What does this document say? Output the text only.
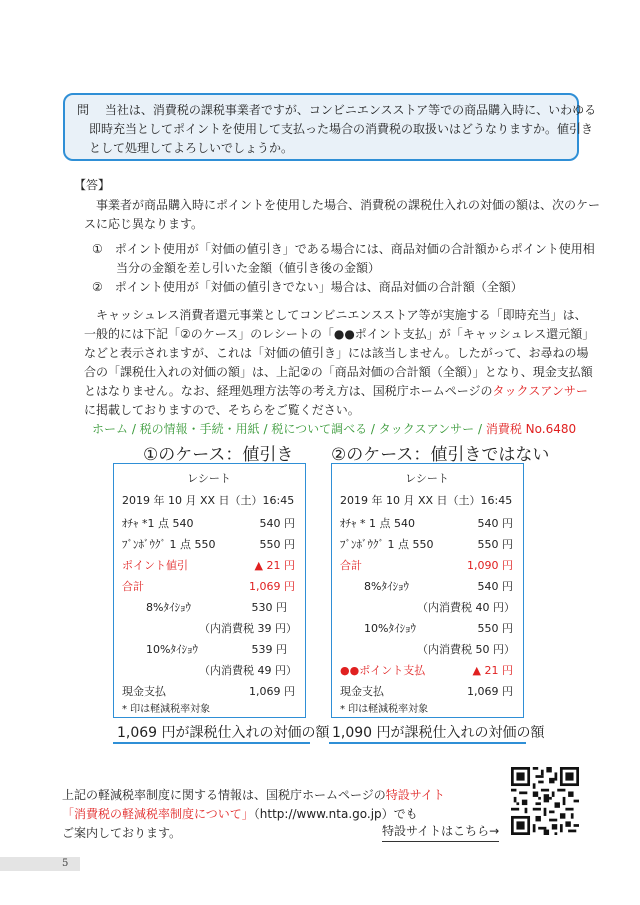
問　 当社は、消費税の課税事業者ですが、コンビニエンスストア等での商品購入時に、いわゆる
即時充当としてポイントを使用して支払った場合の消費税の取扱いはどうなりますか。値引き
として処理してよろしいでしょうか。
【答】
事業者が商品購入時にポイントを使用した場合、消費税の課税仕入れの対価の額は、次のケー
スに応じ異なります。
①　ポイント使用が「対価の値引き」である場合には、商品対価の合計額からポイント使用相
当分の金額を差し引いた金額（値引き後の金額）
②　ポイント使用が「対価の値引きでない」場合は、商品対価の合計額（全額）
キャッシュレス消費者還元事業としてコンビニエンスストア等が実施する「即時充当」は、
一般的には下記「②のケース」のレシートの「●●ポイント支払」が「キャッシュレス還元額」
などと表示されますが、これは「対価の値引き」には該当しません。したがって、お尋ねの場
合の「課税仕入れの対価の額」は、上記②の「商品対価の合計額（全額）」となり、現金支払額
とはなりません。なお、経理処理方法等の考え方は、国税庁ホームページのタックスアンサー
に掲載しておりますので、そちらをご覧ください。
ホーム / 税の情報・手続・用紙 / 税について調べる / タックスアンサー / 消費税 No.6480
①のケース：値引き ②のケース：値引きではない
レシート
2019 年 10 月 XX 日（土）16:45
ｵﾁｬ *1 点 540	540 円
ﾌﾞﾝﾎﾞｳｸﾞ 1 点 550	550 円
ポイント値引	▲ 21 円
合計	1,069 円
8%ﾀｲｼｮｳ	530 円
（内消費税 39 円）
10%ﾀｲｼｮｳ	539 円
（内消費税 49 円）
現金支払	1,069 円
* 印は軽減税率対象
レシート
2019 年 10 月 XX 日（土）16:45
ｵﾁｬ * 1 点 540	540 円
ﾌﾞﾝﾎﾞｳｸﾞ 1 点 550	550 円
合計	1,090 円
8%ﾀｲｼｮｳ	540 円
（内消費税 40 円）
10%ﾀｲｼｮｳ	550 円
（内消費税 50 円）
●●ポイント支払	▲ 21 円
現金支払	1,069 円
* 印は軽減税率対象
1,069 円が課税仕入れの対価の額 1,090 円が課税仕入れの対価の額
上記の軽減税率制度に関する情報は、国税庁ホームページの特設サイト
「消費税の軽減税率制度について」（http://www.nta.go.jp）でも
ご案内しております。	特設サイトはこちら→
5
